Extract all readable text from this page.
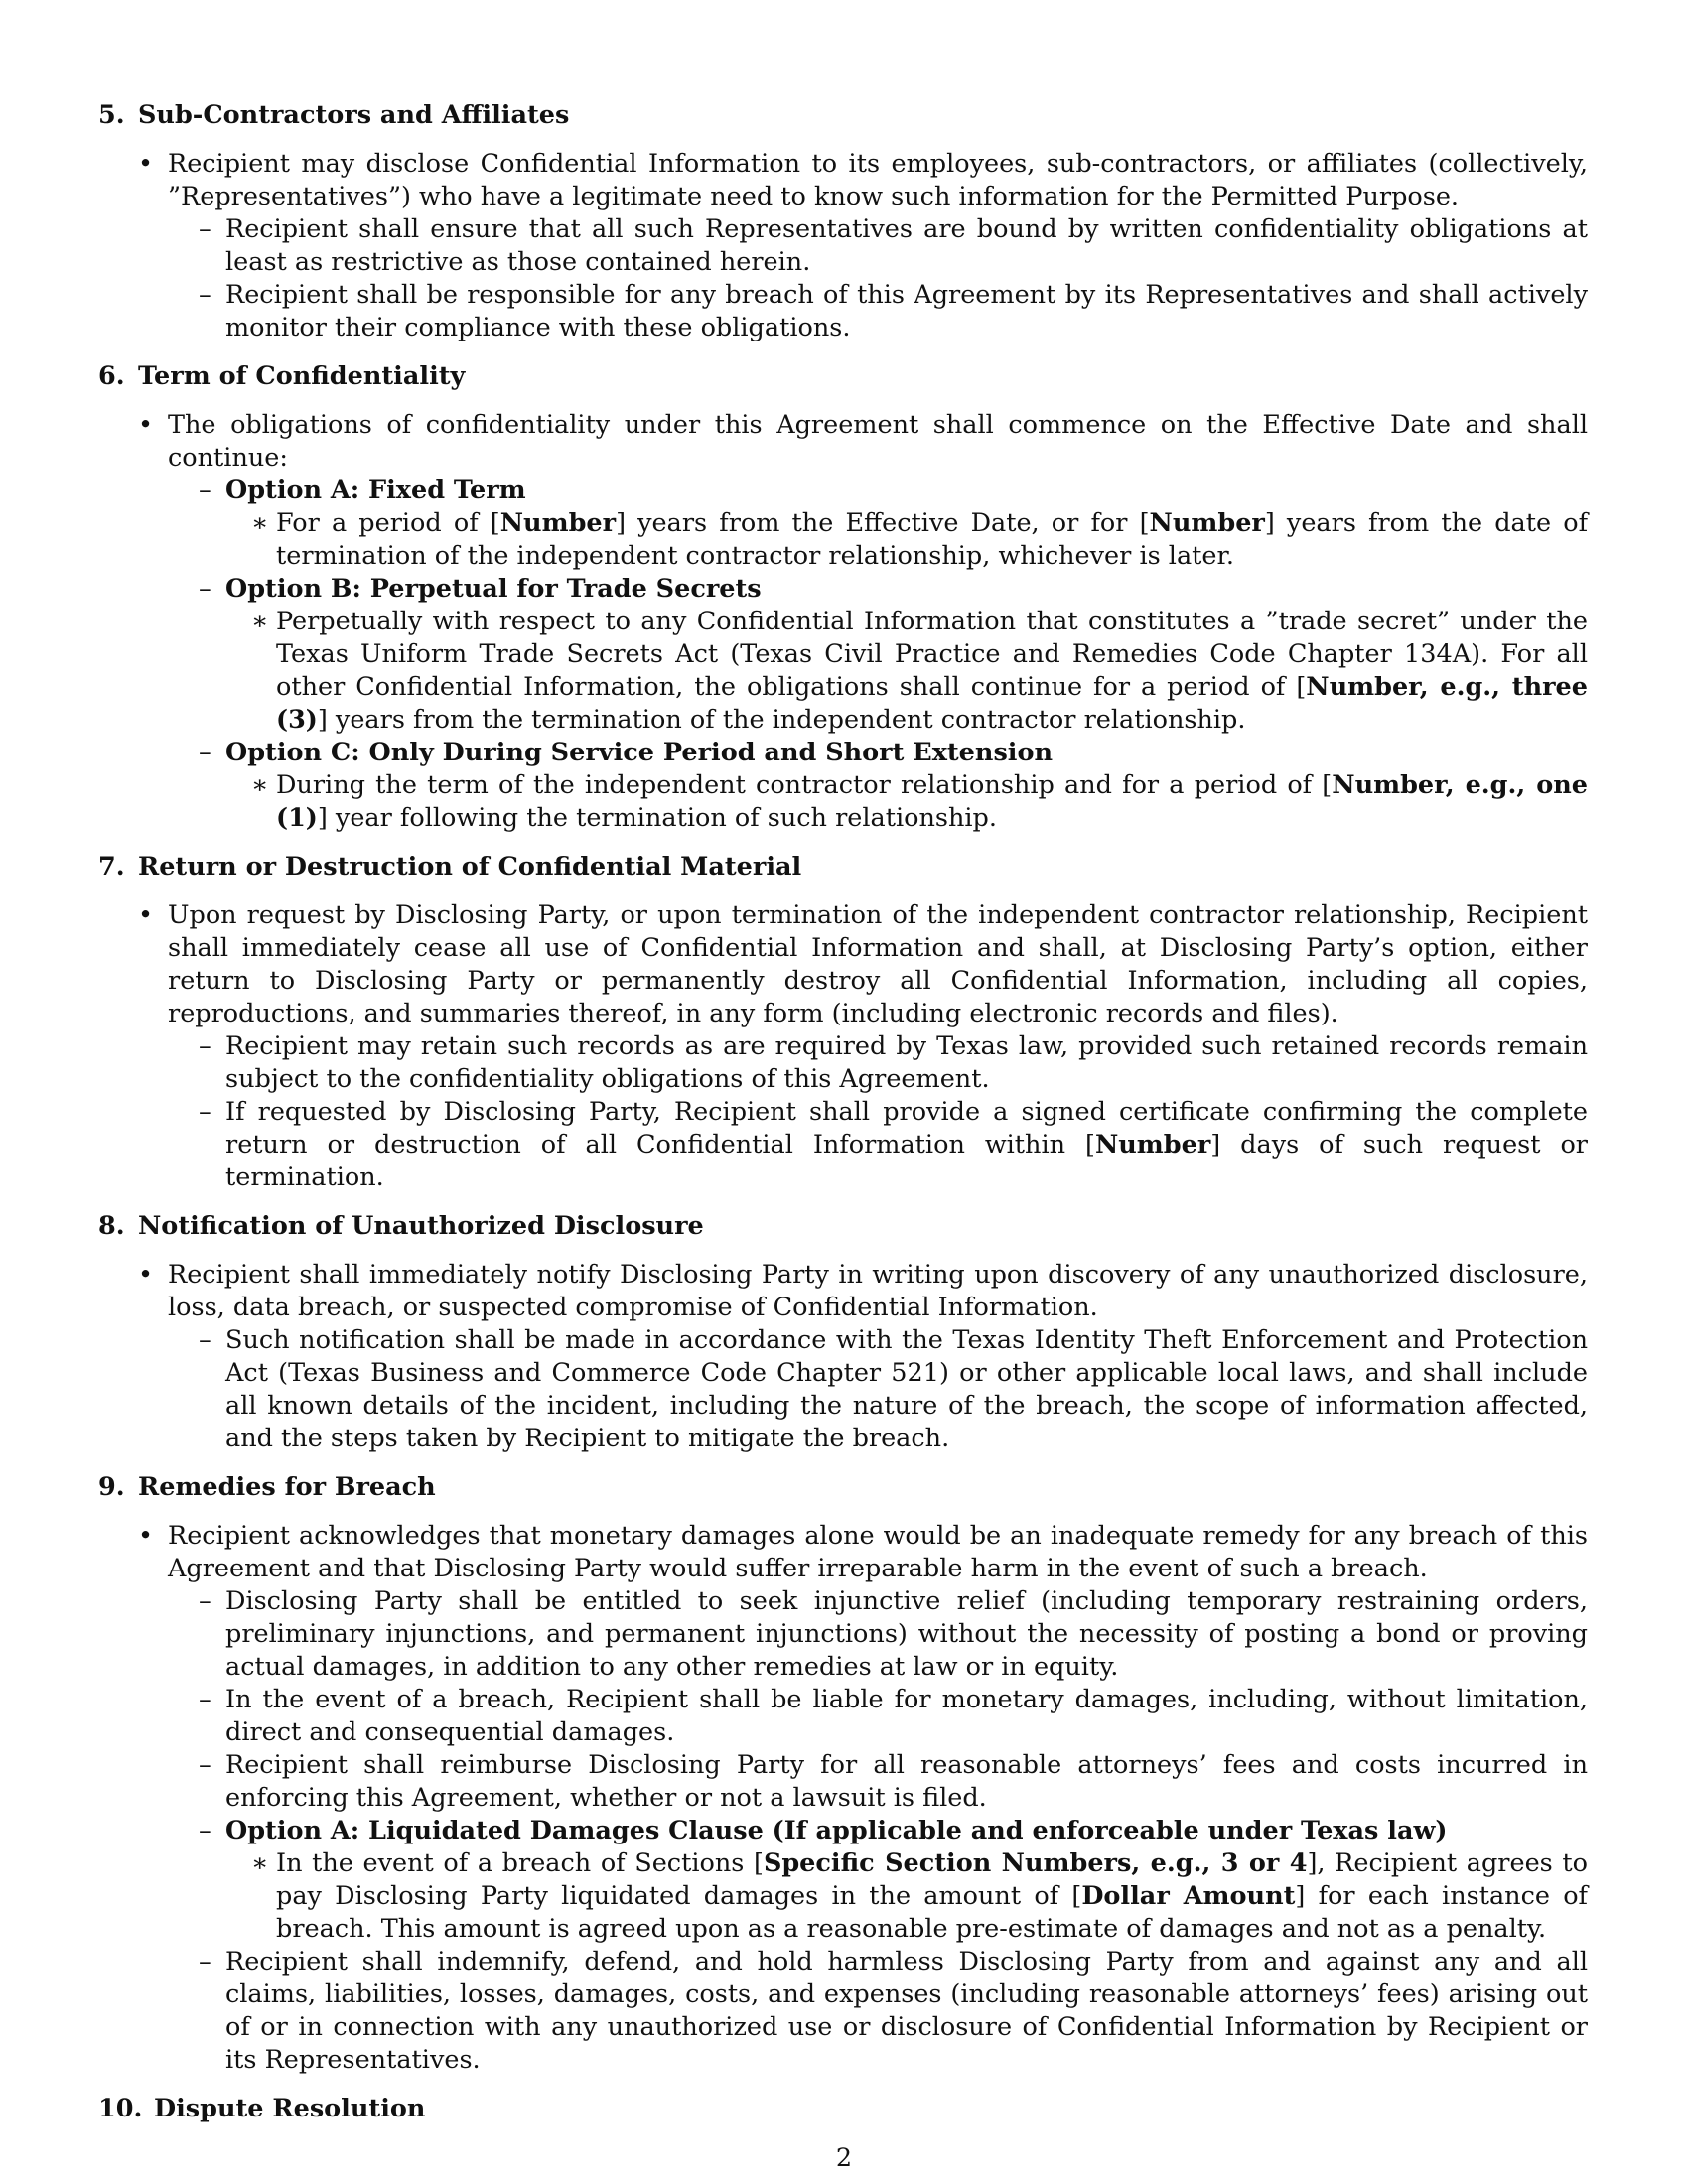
5. Sub-Contractors and Affiliates
• Recipient may disclose Confidential Information to its employees, sub-contractors, or affiliates (collectively, ”Representatives”) who have a legitimate need to know such information for the Permitted Purpose.
– Recipient shall ensure that all such Representatives are bound by written confidentiality obligations at least as restrictive as those contained herein.
– Recipient shall be responsible for any breach of this Agreement by its Representatives and shall actively monitor their compliance with these obligations.
6. Term of Confidentiality
• The obligations of confidentiality under this Agreement shall commence on the Effective Date and shall continue:
– Option A: Fixed Term
∗ For a period of [Number] years from the Effective Date, or for [Number] years from the date of termination of the independent contractor relationship, whichever is later.
– Option B: Perpetual for Trade Secrets
∗ Perpetually with respect to any Confidential Information that constitutes a ”trade secret” under the Texas Uniform Trade Secrets Act (Texas Civil Practice and Remedies Code Chapter 134A). For all other Confidential Information, the obligations shall continue for a period of [Number, e.g., three (3)] years from the termination of the independent contractor relationship.
– Option C: Only During Service Period and Short Extension
∗ During the term of the independent contractor relationship and for a period of [Number, e.g., one (1)] year following the termination of such relationship.
7. Return or Destruction of Confidential Material
• Upon request by Disclosing Party, or upon termination of the independent contractor relationship, Recipient shall immediately cease all use of Confidential Information and shall, at Disclosing Party’s option, either return to Disclosing Party or permanently destroy all Confidential Information, including all copies, reproductions, and summaries thereof, in any form (including electronic records and files).
– Recipient may retain such records as are required by Texas law, provided such retained records remain subject to the confidentiality obligations of this Agreement.
– If requested by Disclosing Party, Recipient shall provide a signed certificate confirming the complete return or destruction of all Confidential Information within [Number] days of such request or termination.
8. Notification of Unauthorized Disclosure
• Recipient shall immediately notify Disclosing Party in writing upon discovery of any unauthorized disclosure, loss, data breach, or suspected compromise of Confidential Information.
– Such notification shall be made in accordance with the Texas Identity Theft Enforcement and Protection Act (Texas Business and Commerce Code Chapter 521) or other applicable local laws, and shall include all known details of the incident, including the nature of the breach, the scope of information affected, and the steps taken by Recipient to mitigate the breach.
9. Remedies for Breach
• Recipient acknowledges that monetary damages alone would be an inadequate remedy for any breach of this Agreement and that Disclosing Party would suffer irreparable harm in the event of such a breach.
– Disclosing Party shall be entitled to seek injunctive relief (including temporary restraining orders, preliminary injunctions, and permanent injunctions) without the necessity of posting a bond or proving actual damages, in addition to any other remedies at law or in equity.
– In the event of a breach, Recipient shall be liable for monetary damages, including, without limitation, direct and consequential damages.
– Recipient shall reimburse Disclosing Party for all reasonable attorneys’ fees and costs incurred in enforcing this Agreement, whether or not a lawsuit is filed.
– Option A: Liquidated Damages Clause (If applicable and enforceable under Texas law)
∗ In the event of a breach of Sections [Specific Section Numbers, e.g., 3 or 4], Recipient agrees to pay Disclosing Party liquidated damages in the amount of [Dollar Amount] for each instance of breach. This amount is agreed upon as a reasonable pre-estimate of damages and not as a penalty.
– Recipient shall indemnify, defend, and hold harmless Disclosing Party from and against any and all claims, liabilities, losses, damages, costs, and expenses (including reasonable attorneys’ fees) arising out of or in connection with any unauthorized use or disclosure of Confidential Information by Recipient or its Representatives.
10. Dispute Resolution
2
